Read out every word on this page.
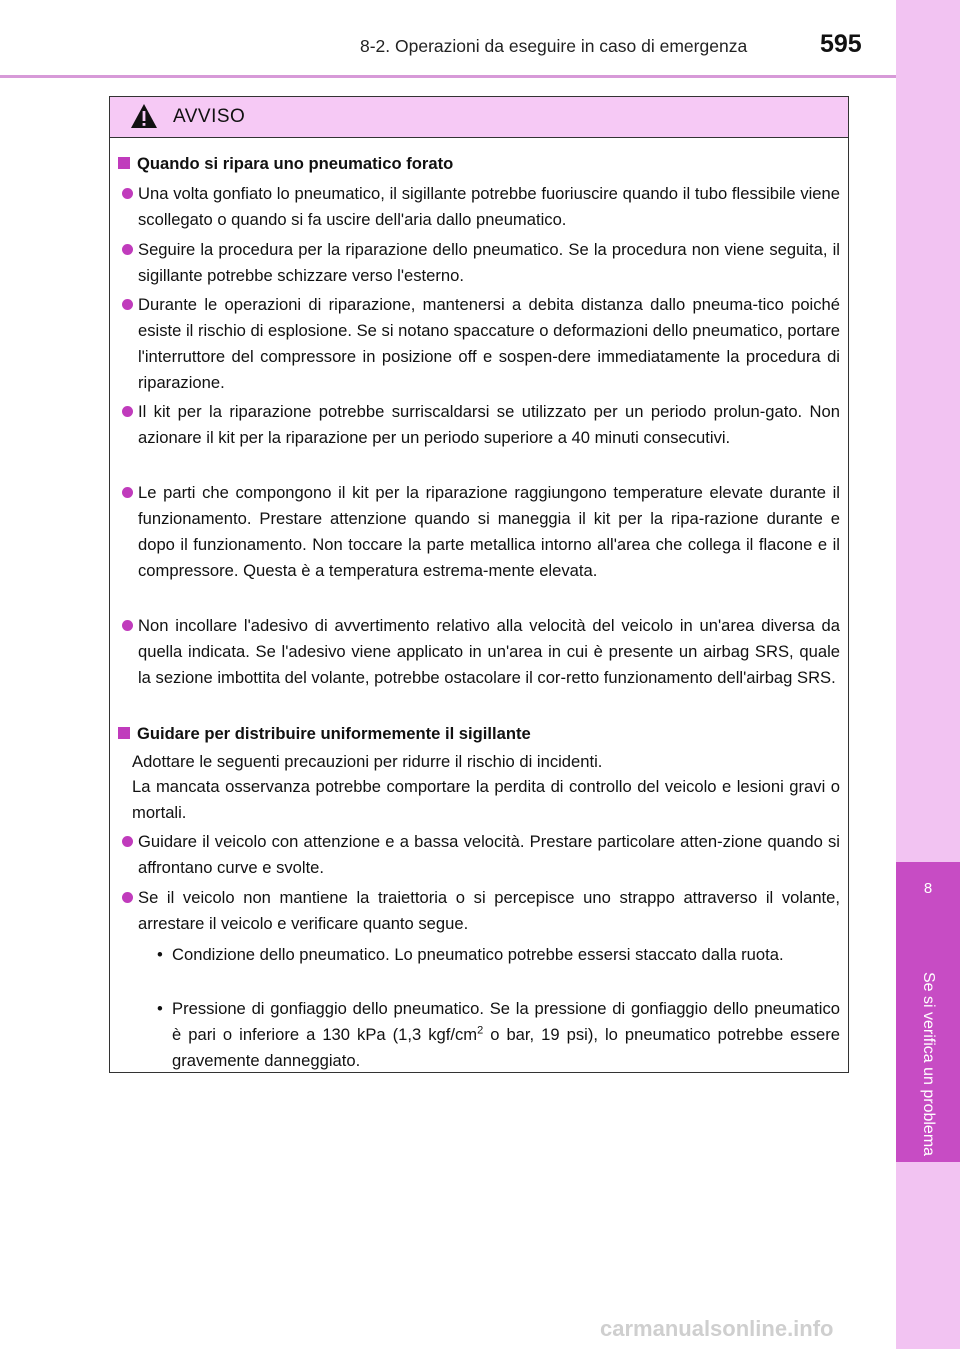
8
Se si verifica un problema
8-2. Operazioni da eseguire in caso di emergenza	595
AVVISO
Quando si ripara uno pneumatico forato

Una volta gonfiato lo pneumatico, il sigillante potrebbe fuoriuscire quando il tubo flessibile viene scollegato o quando si fa uscire dell'aria dallo pneumatico.

Seguire la procedura per la riparazione dello pneumatico. Se la procedura non viene seguita, il sigillante potrebbe schizzare verso l'esterno.

Durante le operazioni di riparazione, mantenersi a debita distanza dallo pneuma-tico poiché esiste il rischio di esplosione. Se si notano spaccature o deformazioni dello pneumatico, portare l'interruttore del compressore in posizione off e sospen-dere immediatamente la procedura di riparazione.

Il kit per la riparazione potrebbe surriscaldarsi se utilizzato per un periodo prolun-gato. Non azionare il kit per la riparazione per un periodo superiore a 40 minuti consecutivi.

Le parti che compongono il kit per la riparazione raggiungono temperature elevate durante il funzionamento. Prestare attenzione quando si maneggia il kit per la ripa-razione durante e dopo il funzionamento. Non toccare la parte metallica intorno all'area che collega il flacone e il compressore. Questa è a temperatura estrema-mente elevata.

Non incollare l'adesivo di avvertimento relativo alla velocità del veicolo in un'area diversa da quella indicata. Se l'adesivo viene applicato in un'area in cui è presente un airbag SRS, quale la sezione imbottita del volante, potrebbe ostacolare il cor-retto funzionamento dell'airbag SRS.

Guidare per distribuire uniformemente il sigillante

Adottare le seguenti precauzioni per ridurre il rischio di incidenti.

La mancata osservanza potrebbe comportare la perdita di controllo del veicolo e lesioni gravi o mortali.

Guidare il veicolo con attenzione e a bassa velocità. Prestare particolare atten-zione quando si affrontano curve e svolte.

Se il veicolo non mantiene la traiettoria o si percepisce uno strappo attraverso il volante, arrestare il veicolo e verificare quanto segue.

• Condizione dello pneumatico. Lo pneumatico potrebbe essersi staccato dalla ruota.

• Pressione di gonfiaggio dello pneumatico. Se la pressione di gonfiaggio dello pneumatico è pari o inferiore a 130 kPa (1,3 kgf/$cm^2$ o bar, 19 psi), lo pneumatico potrebbe essere gravemente danneggiato.

carmanualsonline.info
